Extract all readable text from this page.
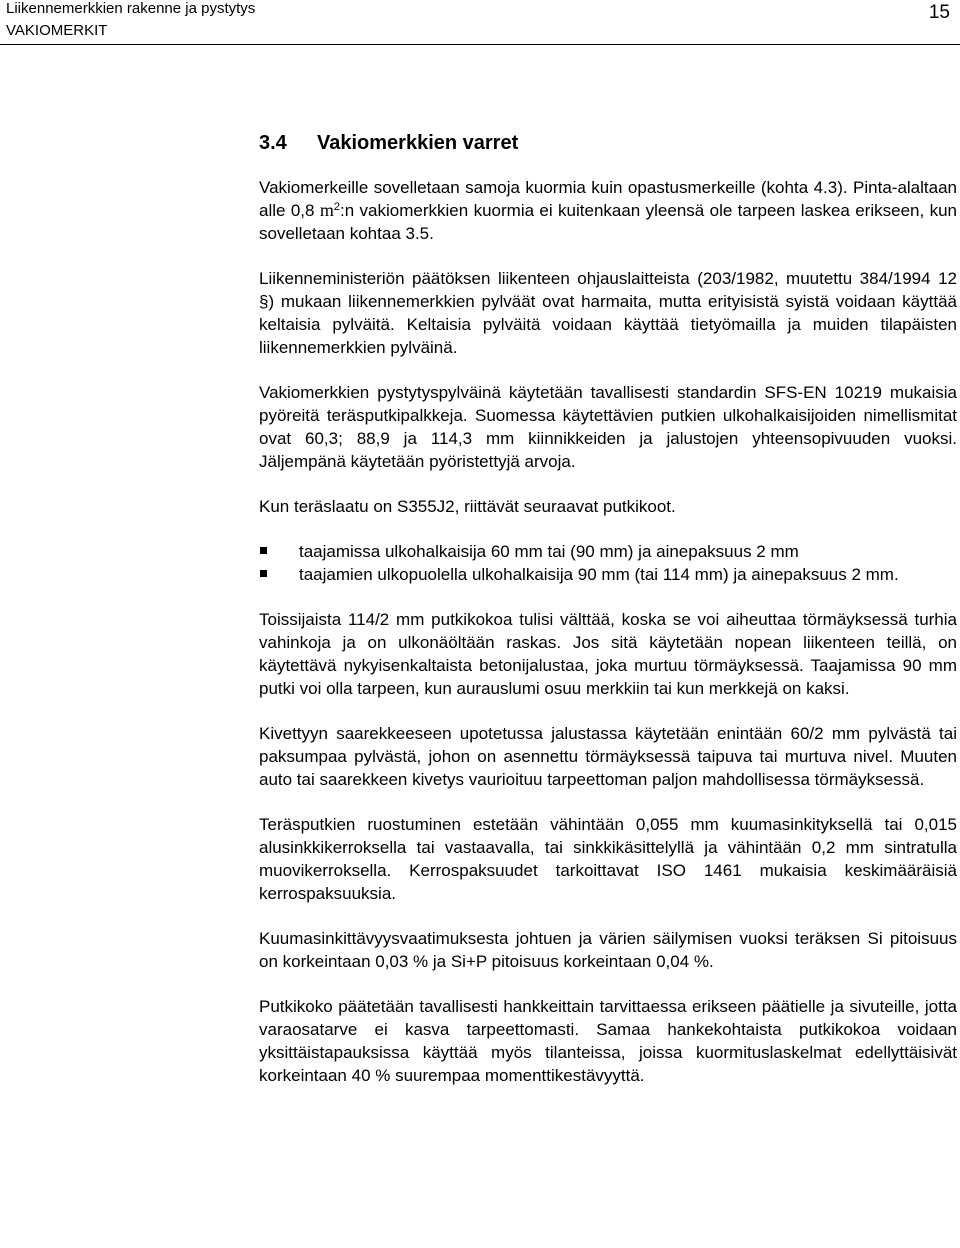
Liikennemerkkien rakenne ja pystytys
VAKIOMERKIT
15
3.4 Vakiomerkkien varret

Vakiomerkeille sovelletaan samoja kuormia kuin opastusmerkeille (kohta 4.3). Pinta-alaltaan alle 0,8 $m^2:n$ vakiomerkkien kuormia ei kuitenkaan yleensä ole tarpeen laskea erikseen, kun sovelletaan kohtaa 3.5.

Liikenneministeriön päätöksen liikenteen ohjauslaitteista (203/1982, muutettu 384/1994 12 §) mukaan liikennemerkkien pylväät ovat harmaita, mutta erityisistä syistä voidaan käyttää keltaisia pylväitä. Keltaisia pylväitä voidaan käyttää tietyömailla ja muiden tilapäisten liikennemerkkien pylväinä.

Vakiomerkkien pystytyspylväinä käytetään tavallisesti standardin SFS-EN 10219 mukaisia pyöreitä teräsputkipalkkeja. Suomessa käytettävien putkien ulkohalkaisijoiden nimellismitat ovat 60,3; 88,9 ja 114,3 mm kiinnikkeiden ja jalustojen yhteensopivuuden vuoksi. Jäljempänä käytetään pyöristettyjä arvoja.

Kun teräslaatu on S355J2, riittävät seuraavat putkikoot.

taajamissa ulkohalkaisija 60 mm tai (90 mm) ja ainepaksuus 2 mm
taajamien ulkopuolella ulkohalkaisija 90 mm (tai 114 mm) ja ainepaksuus 2 mm.

Toissijaista 114/2 mm putkikokoa tulisi välttää, koska se voi aiheuttaa törmäyksessä turhia vahinkoja ja on ulkonäöltään raskas. Jos sitä käytetään nopean liikenteen teillä, on käytettävä nykyisenkaltaista betonijalustaa, joka murtuu törmäyksessä. Taajamissa 90 mm putki voi olla tarpeen, kun aurauslumi osuu merkkiin tai kun merkkejä on kaksi.

Kivettyyn saarekkeeseen upotetussa jalustassa käytetään enintään 60/2 mm pylvästä tai paksumpaa pylvästä, johon on asennettu törmäyksessä taipuva tai murtuva nivel. Muuten auto tai saarekkeen kivetys vaurioituu tarpeettoman paljon mahdollisessa törmäyksessä.

Teräsputkien ruostuminen estetään vähintään 0,055 mm kuumasinkityksellä tai 0,015 alusinkkikerroksella tai vastaavalla, tai sinkkikäsittelyllä ja vähintään 0,2 mm sintratulla muovikerroksella. Kerrospaksuudet tarkoittavat ISO 1461 mukaisia keskimääräisiä kerrospaksuuksia.

Kuumasinkittävyysvaatimuksesta johtuen ja värien säilymisen vuoksi teräksen Si pitoisuus on korkeintaan 0,03 % ja Si+P pitoisuus korkeintaan 0,04 %.

Putkikoko päätetään tavallisesti hankkeittain tarvittaessa erikseen päätielle ja sivuteille, jotta varaosatarve ei kasva tarpeettomasti. Samaa hankekohtaista putkikokoa voidaan yksittäistapauksissa käyttää myös tilanteissa, joissa kuormituslaskelmat edellyttäisivät korkeintaan 40 % suurempaa momenttikestävyyttä.
